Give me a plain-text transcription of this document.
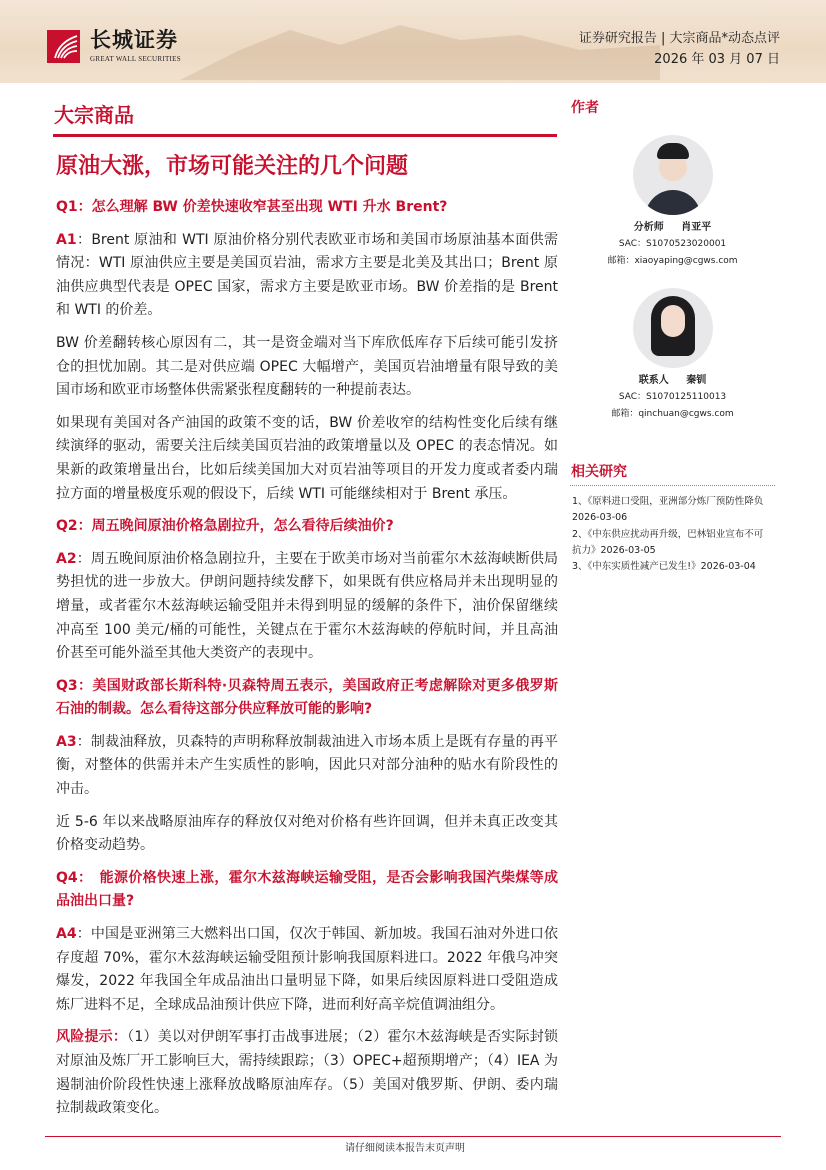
长城证券
GREAT WALL SECURITIES
证券研究报告 | 大宗商品*动态点评
2026 年 03 月 07 日
大宗商品
原油大涨，市场可能关注的几个问题
Q1：怎么理解 BW 价差快速收窄甚至出现 WTI 升水 Brent?
A1：Brent 原油和 WTI 原油价格分别代表欧亚市场和美国市场原油基本面供需情况：WTI 原油供应主要是美国页岩油，需求方主要是北美及其出口；Brent 原油供应典型代表是 OPEC 国家，需求方主要是欧亚市场。BW 价差指的是 Brent 和 WTI 的价差。
BW 价差翻转核心原因有二，其一是资金端对当下库欣低库存下后续可能引发挤仓的担忧加剧。其二是对供应端 OPEC 大幅增产，美国页岩油增量有限导致的美国市场和欧亚市场整体供需紧张程度翻转的一种提前表达。
如果现有美国对各产油国的政策不变的话，BW 价差收窄的结构性变化后续有继续演绎的驱动，需要关注后续美国页岩油的政策增量以及 OPEC 的表态情况。如果新的政策增量出台，比如后续美国加大对页岩油等项目的开发力度或者委内瑞拉方面的增量极度乐观的假设下，后续 WTI 可能继续相对于 Brent 承压。
Q2：周五晚间原油价格急剧拉升，怎么看待后续油价?
A2：周五晚间原油价格急剧拉升，主要在于欧美市场对当前霍尔木兹海峡断供局势担忧的进一步放大。伊朗问题持续发酵下，如果既有供应格局并未出现明显的增量，或者霍尔木兹海峡运输受阻并未得到明显的缓解的条件下，油价保留继续冲高至 100 美元/桶的可能性，关键点在于霍尔木兹海峡的停航时间，并且高油价甚至可能外溢至其他大类资产的表现中。
Q3：美国财政部长斯科特·贝森特周五表示，美国政府正考虑解除对更多俄罗斯石油的制裁。怎么看待这部分供应释放可能的影响?
A3：制裁油释放，贝森特的声明称释放制裁油进入市场本质上是既有存量的再平衡，对整体的供需并未产生实质性的影响，因此只对部分油种的贴水有阶段性的冲击。
近 5-6 年以来战略原油库存的释放仅对绝对价格有些许回调，但并未真正改变其价格变动趋势。
Q4：　能源价格快速上涨，霍尔木兹海峡运输受阻，是否会影响我国汽柴煤等成品油出口量?
A4：中国是亚洲第三大燃料出口国，仅次于韩国、新加坡。我国石油对外进口依存度超 70%，霍尔木兹海峡运输受阻预计影响我国原料进口。2022 年俄乌冲突爆发，2022 年我国全年成品油出口量明显下降，如果后续因原料进口受阻造成炼厂进料不足，全球成品油预计供应下降，进而利好高辛烷值调油组分。
风险提示：（1）美以对伊朗军事打击战事进展；（2）霍尔木兹海峡是否实际封锁对原油及炼厂开工影响巨大，需持续跟踪；（3）OPEC+超预期增产；（4）IEA 为遏制油价阶段性快速上涨释放战略原油库存。（5）美国对俄罗斯、伊朗、委内瑞拉制裁政策变化。
作者
分析师 肖亚平
SAC：S1070523020001
邮箱：xiaoyaping@cgws.com
联系人 秦钏
SAC：S1070125110013
邮箱：qinchuan@cgws.com
相关研究
1、《原料进口受阻，亚洲部分炼厂预防性降负
2026-03-06
2、《中东供应扰动再升级，巴林铝业宣布不可
抗力》2026-03-05
3、《中东实质性减产已发生!》2026-03-04
请仔细阅读本报告末页声明
